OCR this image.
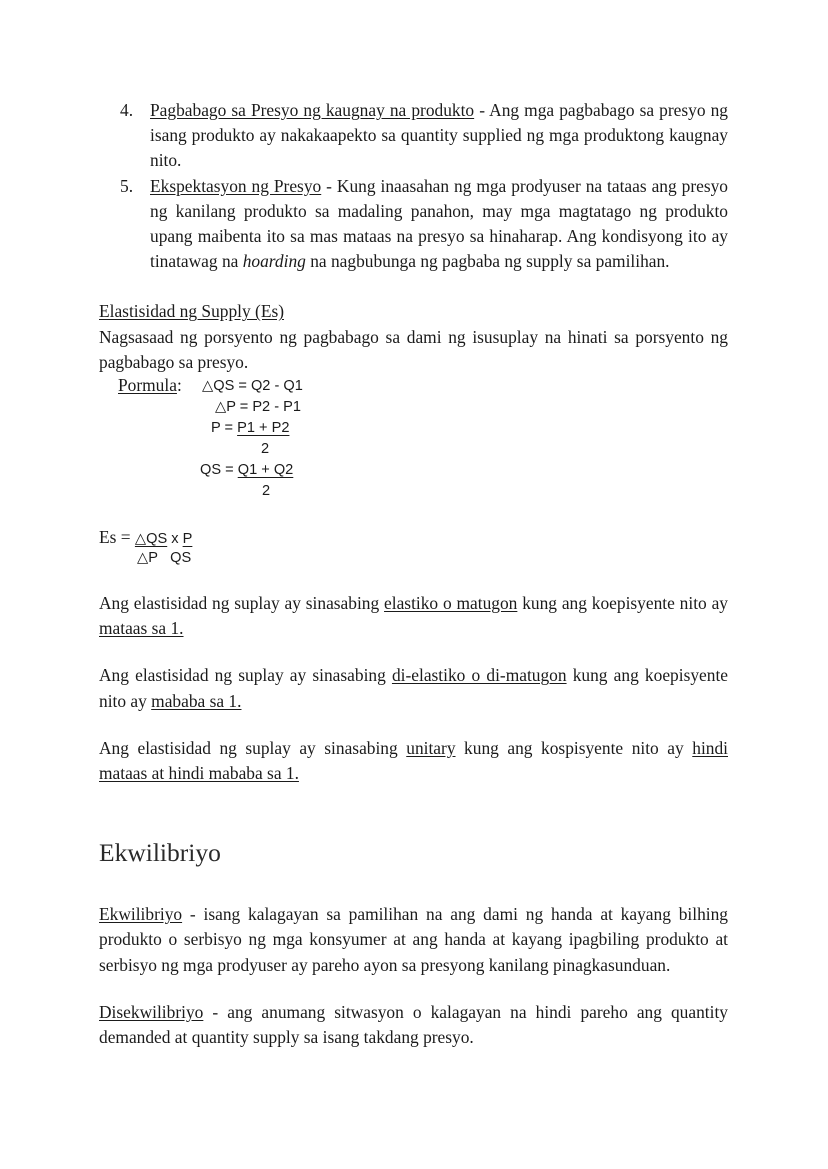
4. Pagbabago sa Presyo ng kaugnay na produkto - Ang mga pagbabago sa presyo ng isang produkto ay nakakaapekto sa quantity supplied ng mga produktong kaugnay nito.
5. Ekspektasyon ng Presyo - Kung inaasahan ng mga prodyuser na tataas ang presyo ng kanilang produkto sa madaling panahon, may mga magtatago ng produkto upang maibenta ito sa mas mataas na presyo sa hinaharap. Ang kondisyong ito ay tinatawag na hoarding na nagbubunga ng pagbaba ng supply sa pamilihan.
Elastisidad ng Supply (Es)

Nagsasaad ng porsyento ng pagbabago sa dami ng isusuplay na hinati sa porsyento ng pagbabago sa presyo.

Pormula: △QS = Q2 - Q1
△P = P2 - P1
P = P1 + P2
2
QS = Q1 + Q2
2
Es = △QS x P
△P QS

Ang elastisidad ng suplay ay sinasabing elastiko o matugon kung ang koepisyente nito ay mataas sa 1.

Ang elastisidad ng suplay ay sinasabing di-elastiko o di-matugon kung ang koepisyente nito ay mababa sa 1.

Ang elastisidad ng suplay ay sinasabing unitary kung ang kospisyente nito ay hindi mataas at hindi mababa sa 1.

Ekwilibriyo

Ekwilibriyo - isang kalagayan sa pamilihan na ang dami ng handa at kayang bilhing produkto o serbisyo ng mga konsyumer at ang handa at kayang ipagbiling produkto at serbisyo ng mga prodyuser ay pareho ayon sa presyong kanilang pinagkasunduan.

Disekwilibriyo - ang anumang sitwasyon o kalagayan na hindi pareho ang quantity demanded at quantity supply sa isang takdang presyo.
